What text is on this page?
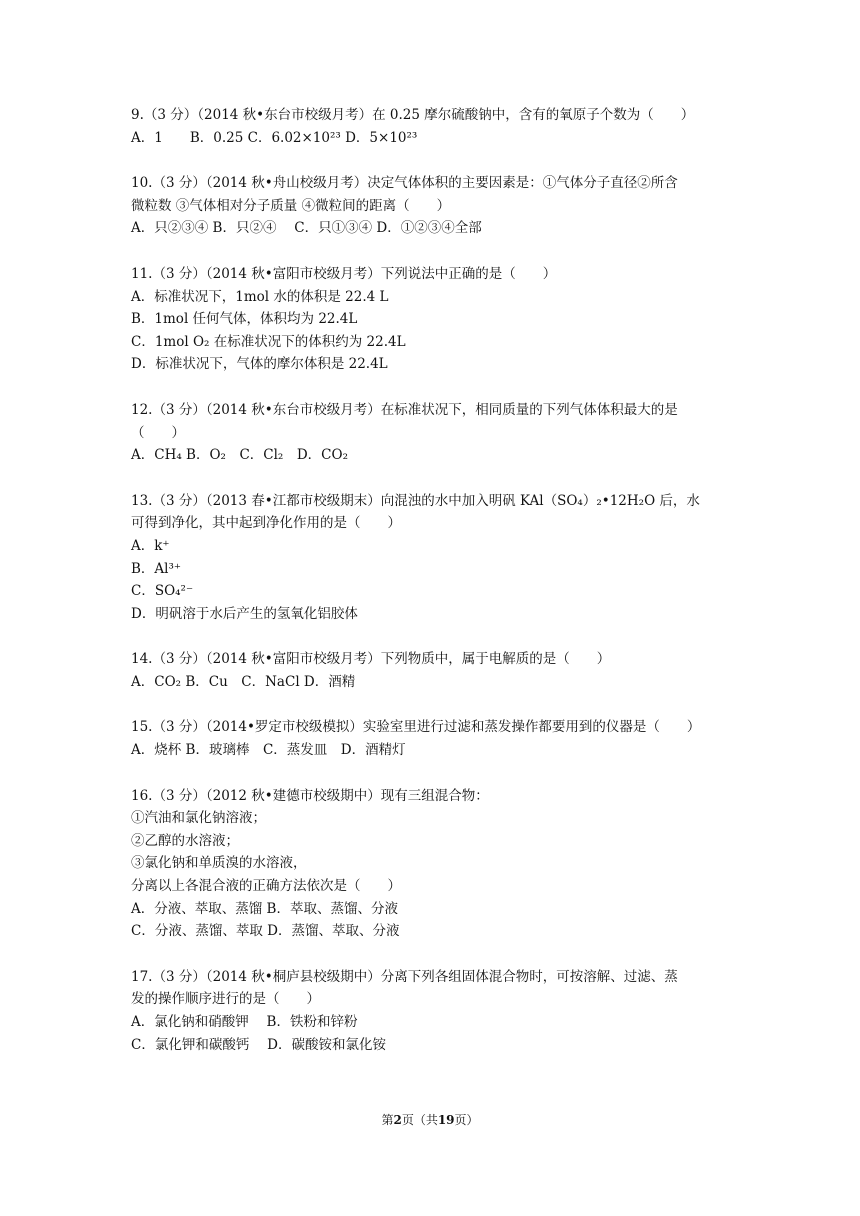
9.（3 分）（2014 秋•东台市校级月考）在 0.25 摩尔硫酸钠中，含有的氧原子个数为（　　）
A．1　　B．0.25 C．6.02×10²³ D．5×10²³
10.（3 分）（2014 秋•舟山校级月考）决定气体体积的主要因素是：①气体分子直径②所含
微粒数 ③气体相对分子质量 ④微粒间的距离（　　）
A．只②③④ B．只②④　 C．只①③④ D．①②③④全部
11.（3 分）（2014 秋•富阳市校级月考）下列说法中正确的是（　　）
A．标准状况下，1mol 水的体积是 22.4 L
B．1mol 任何气体，体积均为 22.4L
C．1mol O₂ 在标准状况下的体积约为 22.4L
D．标准状况下，气体的摩尔体积是 22.4L
12.（3 分）（2014 秋•东台市校级月考）在标准状况下，相同质量的下列气体体积最大的是
（　　）
A．CH₄ B．O₂　C．Cl₂　D．CO₂
13.（3 分）（2013 春•江都市校级期末）向混浊的水中加入明矾 KAl（SO₄）₂•12H₂O 后，水
可得到净化，其中起到净化作用的是（　　）
A．k⁺
B．Al³⁺
C．SO₄²⁻
D．明矾溶于水后产生的氢氧化铝胶体
14.（3 分）（2014 秋•富阳市校级月考）下列物质中，属于电解质的是（　　）
A．CO₂ B．Cu　C．NaCl D．酒精
15.（3 分）（2014•罗定市校级模拟）实验室里进行过滤和蒸发操作都要用到的仪器是（　　）
A．烧杯 B．玻璃棒　C．蒸发皿　D．酒精灯
16.（3 分）（2012 秋•建德市校级期中）现有三组混合物：
①汽油和氯化钠溶液；
②乙醇的水溶液；
③氯化钠和单质溴的水溶液，
分离以上各混合液的正确方法依次是（　　）
A．分液、萃取、蒸馏 B．萃取、蒸馏、分液
C．分液、蒸馏、萃取 D．蒸馏、萃取、分液
17.（3 分）（2014 秋•桐庐县校级期中）分离下列各组固体混合物时，可按溶解、过滤、蒸
发的操作顺序进行的是（　　）
A．氯化钠和硝酸钾　 B．铁粉和锌粉
C．氯化钾和碳酸钙　 D．碳酸铵和氯化铵
第2页（共19页）
